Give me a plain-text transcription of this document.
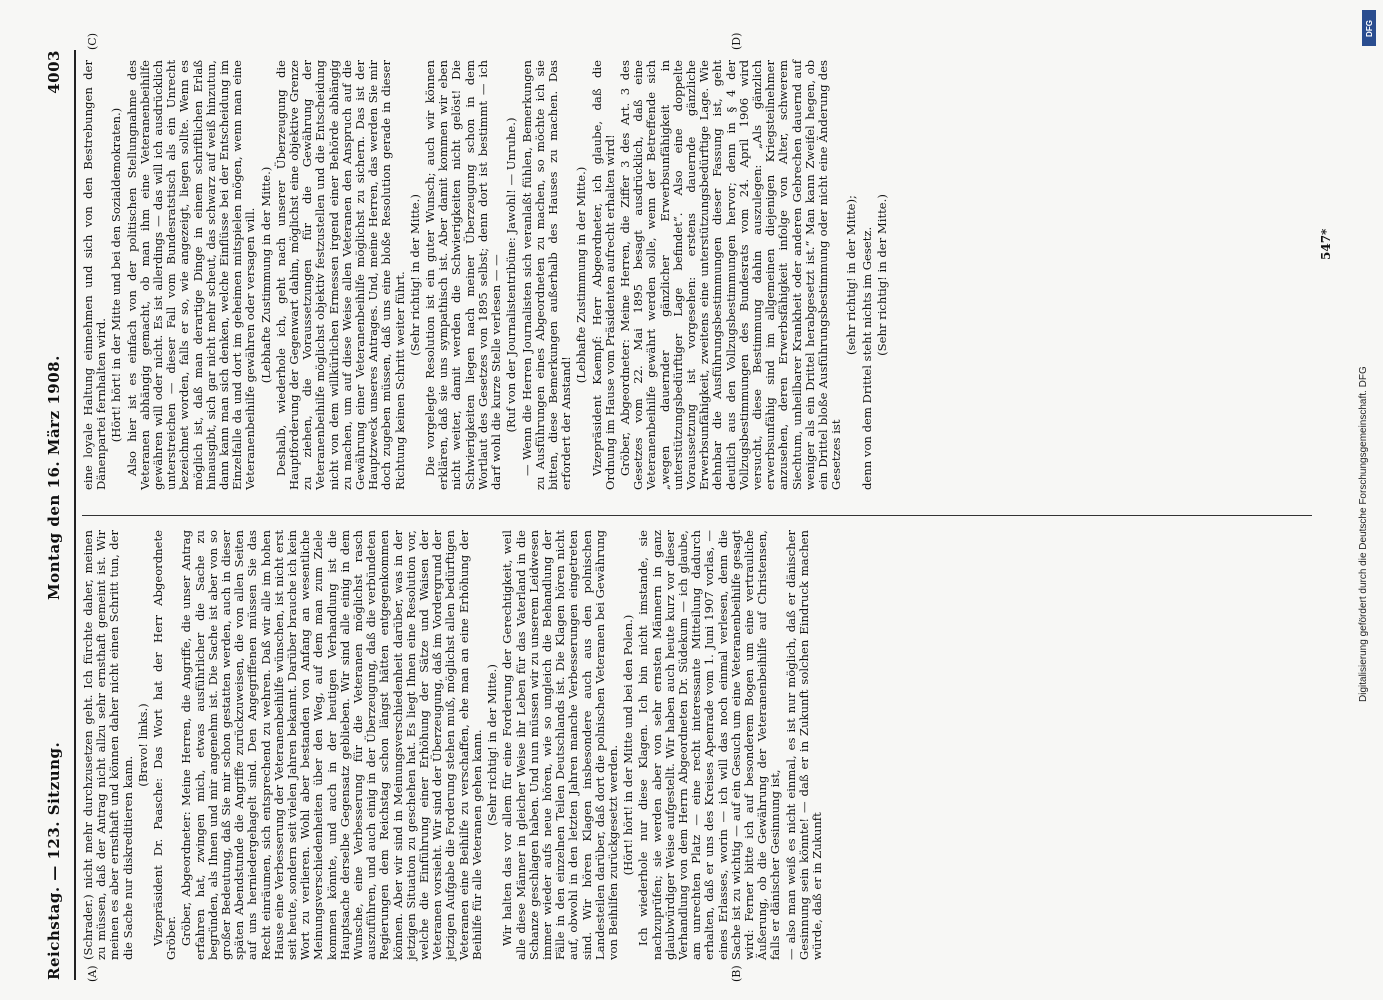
Reichstag. — 123. Sitzung.
Montag den 16. März 1908.
4003
(A)	(B)
(C)	(D)

(Schrader.) nicht mehr durchzusetzen geht. Ich fürchte daher, meinen zu müssen, daß der Antrag nicht allzu sehr ernsthaft gemeint ist. Wir meinen es aber ernsthaft und können daher nicht einen Schritt tun, der die Sache nur diskreditieren kann.

(Bravo! links.) Vizepräsident Dr. Paasche: Das Wort hat der Herr Abgeordnete Gröber. Gröber, Abgeordneter: Meine Herren, die Angriffe, die unser Antrag erfahren hat, zwingen mich, etwas ausführlicher die Sache zu begründen, als Ihnen und mir angenehm ist. Die Sache ist aber von so großer Bedeutung, daß Sie mir schon gestatten werden, auch in dieser späten Abendstunde die Angriffe zurückzuweisen, die von allen Seiten auf uns herniedergehagelt sind. Den Angegriffenen müssen Sie das Recht einräumen, sich entsprechend zu wehren. Daß wir alle im hohen Hause eine Verbesserung der Veteranenbeihilfe wünschen, ist nicht erst seit heute, sondern seit vielen Jahren bekannt. Darüber brauche ich kein Wort zu verlieren. Wohl aber bestanden von Anfang an wesentliche Meinungsverschiedenheiten über den Weg, auf dem man zum Ziele kommen könnte, und auch in der heutigen Verhandlung ist die Hauptsache derselbe Gegensatz geblieben. Wir sind alle einig in dem Wunsche, eine Verbesserung für die Veteranen möglichst rasch auszuführen, und auch einig in der Überzeugung, daß die verbündeten Regierungen dem Reichstag schon längst hätten entgegenkommen können. Aber wir sind in Meinungsverschiedenheit darüber, was in der jetzigen Situation zu geschehen hat. Es liegt Ihnen eine Resolution vor, welche die Einführung einer Erhöhung der Sätze und Waisen der Veteranen vorsieht. Wir sind der Überzeugung, daß im Vordergrund der jetzigen Aufgabe die Forderung stehen muß, möglichst allen bedürftigen Veteranen eine Beihilfe zu verschaffen, ehe man an eine Erhöhung der Beihilfe für alle Veteranen gehen kann. (Sehr richtig! in der Mitte.) Wir halten das vor allem für eine Forderung der Gerechtigkeit, weil alle diese Männer in gleicher Weise ihr Leben für das Vaterland in die Schanze geschlagen haben. Und nun müssen wir zu unserem Leidwesen immer wieder aufs neue hören, wie so ungleich die Behandlung der Fälle in den einzelnen Teilen Deutschlands ist. Die Klagen hören nicht auf, obwohl in den letzten Jahren manche Verbesserungen eingetreten sind. Wir hören Klagen insbesondere auch aus den polnischen Landesteilen darüber, daß dort die polnischen Veteranen bei Gewährung von Beihilfen zurückgesetzt werden. (Hört! hört! in der Mitte und bei den Polen.) Ich wiederhole nur diese Klagen. Ich bin nicht imstande, sie nachzuprüfen; sie werden aber von sehr ernsten Männern in ganz glaubwürdiger Weise aufgestellt. Wir haben auch heute kurz vor dieser Verhandlung von dem Herrn Abgeordneten Dr. Südekum — ich glaube, am unrechten Platz — eine recht interessante Mitteilung dadurch erhalten, daß er uns des Kreises Apenrade vom 1. Juni 1907 vorlas, — eines Erlasses, worin — ich will das noch einmal verlesen, denn die Sache ist zu wichtig — auf ein Gesuch um eine Veteranenbeihilfe gesagt wird: Ferner bitte ich auf besonderem Bogen um eine vertrauliche Äußerung, ob die Gewährung der Veteranenbeihilfe auf Christensen, falls er dänischer Gesinnung ist, — also man weiß es nicht einmal, es ist nur möglich, daß er dänischer Gesinnung sein könnte! — daß er in Zukunft solchen Eindruck machen würde, daß er in Zukunft

eine loyale Haltung einnehmen und sich von den Bestrebungen der Dänenpartei fernhalten wird. (Hört! hört! in der Mitte und bei den Sozialdemokraten.) Also hier ist es einfach von der politischen Stellungnahme des Veteranen abhängig gemacht, ob man ihm eine Veteranenbeihilfe gewähren will oder nicht. Es ist allerdings — das will ich ausdrücklich unterstreichen — dieser Fall vom Bundesratstisch als ein Unrecht bezeichnet worden, falls er so, wie angezeigt, liegen sollte. Wenn es möglich ist, daß man derartige Dinge in einem schriftlichen Erlaß hinausgibt, sich gar nicht mehr scheut, das schwarz auf weiß hinzutun, dann kann man sich denken, welche Einflüsse bei der Entscheidung im Einzelfalle da und dort im geheimen mitspielen mögen, wenn man eine Veteranenbeihilfe gewähren oder versagen will. (Lebhafte Zustimmung in der Mitte.) Deshalb, wiederhole ich, geht nach unserer Überzeugung die Hauptforderung der Gegenwart dahin, möglichst eine objektive Grenze zu ziehen, die Voraussetzungen für die Gewährung der Veteranenbeihilfe möglichst objektiv festzustellen und die Entscheidung nicht von dem willkürlichen Ermessen irgend einer Behörde abhängig zu machen, um auf diese Weise allen Veteranen den Anspruch auf die Gewährung einer Veteranenbeihilfe möglichst zu sichern. Das ist der Hauptzweck unseres Antrages. Und, meine Herren, das werden Sie mir doch zugeben müssen, daß uns eine bloße Resolution gerade in dieser Richtung keinen Schritt weiter führt. (Sehr richtig! in der Mitte.) Die vorgelegte Resolution ist ein guter Wunsch; auch wir können erklären, daß sie uns sympathisch ist. Aber damit kommen wir eben nicht weiter, damit werden die Schwierigkeiten nicht gelöst! Die Schwierigkeiten liegen nach meiner Überzeugung schon in dem Wortlaut des Gesetzes von 1895 selbst; denn dort ist bestimmt — ich darf wohl die kurze Stelle verlesen — — (Ruf von der Journalistentribüne: Jawohl! — Unruhe.) — Wenn die Herren Journalisten sich veranlaßt fühlen, Bemerkungen zu Ausführungen eines Abgeordneten zu machen, so möchte ich sie bitten, diese Bemerkungen außerhalb des Hauses zu machen. Das erfordert der Anstand!

(Lebhafte Zustimmung in der Mitte.) Vizepräsident Kaempf: Herr Abgeordneter, ich glaube, daß die Ordnung im Hause vom Präsidenten aufrecht erhalten wird! Gröber, Abgeordneter: Meine Herren, die Ziffer 3 des Art. 3 des Gesetzes vom 22. Mai 1895 besagt ausdrücklich, daß eine Veteranenbeihilfe gewährt werden solle, wenn der Betreffende sich „wegen dauernder gänzlicher Erwerbsunfähigkeit in unterstützungsbedürftiger Lage befindet“. Also eine doppelte Voraussetzung ist vorgesehen: erstens dauernde gänzliche Erwerbsunfähigkeit, zweitens eine unterstützungsbedürftige Lage. Wie dehnbar die Ausführungsbestimmungen dieser Fassung ist, geht deutlich aus den Vollzugsbestimmungen hervor; denn in § 4 der Vollzugsbestimmungen des Bundesrats vom 24. April 1906 wird versucht, diese Bestimmung dahin auszulegen: „Als gänzlich erwerbsunfähig sind im allgemeinen diejenigen Kriegsteilnehmer anzusehen, deren Erwerbsfähigkeit infolge von Alter, schwerem Siechtum, unheilbarer Krankheit oder anderen Gebrechen dauernd auf weniger als ein Drittel herabgesetzt ist.“ Man kann Zweifel hegen, ob ein Drittel bloße Ausführungsbestimmung oder nicht eine Änderung des Gesetzes ist

(sehr richtig! in der Mitte); denn von dem Drittel steht nichts im Gesetz. (Sehr richtig! in der Mitte.)	547*
Digitalisierung gefördert durch die Deutsche Forschungsgemeinschaft. DFG
DFG
